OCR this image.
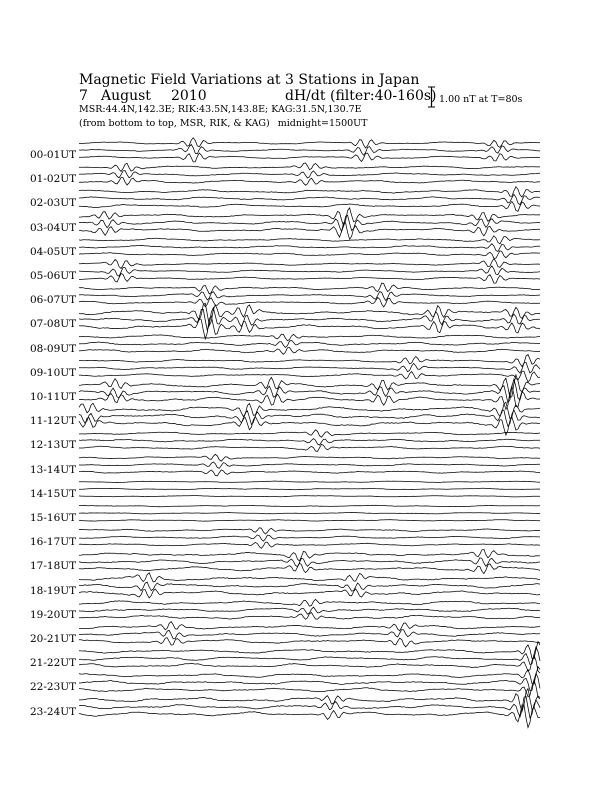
Magnetic Field Variations at 3 Stations in Japan
7 August 2010	dH/dt (filter:40-160s)
MSR:44.4N,142.3E; RIK:43.5N,143.8E; KAG:31.5N,130.7E
(from bottom to top, MSR, RIK, & KAG) midnight=1500UT
1.00 nT at T=80s
00-01UT
01-02UT
02-03UT
03-04UT
04-05UT
05-06UT
06-07UT
07-08UT
08-09UT
09-10UT
10-11UT
11-12UT
12-13UT
13-14UT
14-15UT
15-16UT
16-17UT
17-18UT
18-19UT
19-20UT
20-21UT
21-22UT
22-23UT
23-24UT
